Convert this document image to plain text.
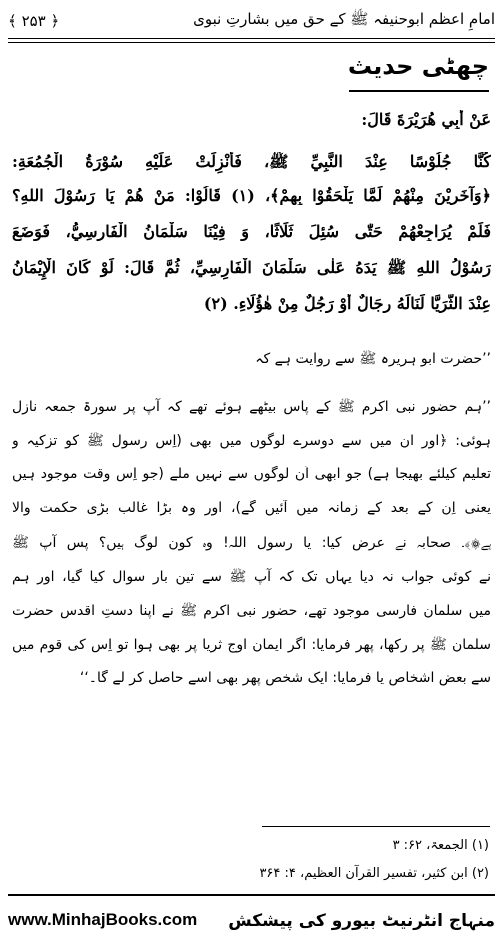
امامِ اعظم ابوحنیفہ ﷺ کے حق میں بشارتِ نبوی
﴿ ۲۵۳ ﴾
چھٹی حدیث
عَنْ أَبِي هُرَيْرَةَ قَالَ:
كُنَّا جُلُوْسًا عِنْدَ النَّبِيِّ ﷺ، فَأُنْزِلَتْ عَلَيْهِ سُوْرَةُ الْجُمُعَةِ:
﴿وَآخَرِيْنَ مِنْهُمْ لَمَّا يَلْحَقُوْا بِهِمْ﴾، (۱) قَالُوْا: مَنْ هُمْ يَا رَسُوْلَ اللهِ؟
فَلَمْ يُرَاجِعْهُمْ حَتّٰى سُئِلَ ثَلَاثًا، وَ فِيْنَا سَلْمَانُ الْفَارِسِيُّ، فَوَضَعَ
رَسُوْلُ اللهِ ﷺ يَدَهُ عَلٰى سَلْمَانَ الْفَارِسِيِّ، ثُمَّ قَالَ: لَوْ كَانَ الْإِيْمَانُ
عِنْدَ الثُّرَيَّا لَنَالَهُ رِجَالٌ أَوْ رَجُلٌ مِنْ هٰؤُلَاءِ. (۲)
’’حضرت ابو ہریرہ ﷺ سے روایت ہے کہ
’’ہم حضور نبی اکرم ﷺ کے پاس بیٹھے ہوئے تھے کہ آپ پر سورۃ جمعہ نازل
ہوئی: ﴿اور ان میں سے دوسرے لوگوں میں بھی (اِس رسول ﷺ کو تزکیہ و
تعلیم کیلئے بھیجا ہے) جو ابھی اُن لوگوں سے نہیں ملے (جو اِس وقت موجود ہیں
یعنی اِن کے بعد کے زمانہ میں آئیں گے)، اور وہ بڑا غالب بڑی حکمت والا
ہے۞﴾۔ صحابہ نے عرض کیا: یا رسول اللہ! وہ کون لوگ ہیں؟ پس آپ ﷺ
نے کوئی جواب نہ دیا یہاں تک کہ آپ ﷺ سے تین بار سوال کیا گیا، اور ہم
میں سلمان فارسی موجود تھے، حضور نبی اکرم ﷺ نے اپنا دستِ اقدس حضرت
سلمان ﷺ پر رکھا، پھر فرمایا: اگر ایمان اوج ثریا پر بھی ہوا تو اِس کی قوم میں
سے بعض اشخاص یا فرمایا: ایک شخص پھر بھی اسے حاصل کر لے گا۔‘‘
(۱) الجمعۃ، ۶۲: ۳
(۲) ابن کثیر، تفسیر القرآن العظیم، ۴: ۳۶۴
www.MinhajBooks.com منہاج انٹرنیٹ بیورو کی پیشکش
